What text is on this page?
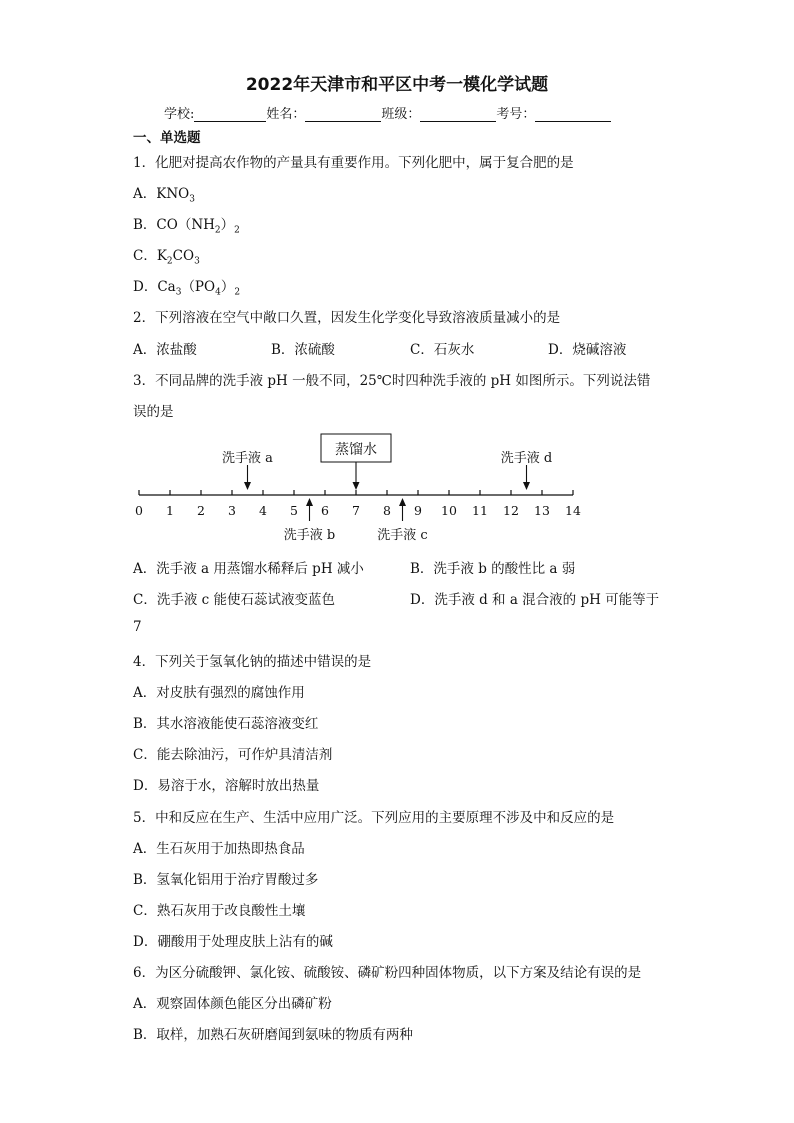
2022年天津市和平区中考一模化学试题
学校:	姓名：	班级：	考号：
一、单选题
1．化肥对提高农作物的产量具有重要作用。下列化肥中，属于复合肥的是
A．$KNO_3$
B．$CO(NH_2)_2$
C．$K_2CO_3$
D．$Ca_3(PO_4)_2$
2．下列溶液在空气中敞口久置，因发生化学变化导致溶液质量减小的是
A．浓盐酸	B．浓硫酸	C．石灰水	D．烧碱溶液
3．不同品牌的洗手液 pH 一般不同，25℃时四种洗手液的 pH 如图所示。下列说法错
误的是
0 1 2 3 4 5 6 7 8 9 10 11 12 13 14
洗手液 a
蒸馏水
洗手液 d
洗手液 b	洗手液 c
A．洗手液 a 用蒸馏水稀释后 pH 减小	B．洗手液 b 的酸性比 a 弱
C．洗手液 c 能使石蕊试液变蓝色	D．洗手液 d 和 a 混合液的 pH 可能等于
7
4．下列关于氢氧化钠的描述中错误的是
A．对皮肤有强烈的腐蚀作用
B．其水溶液能使石蕊溶液变红
C．能去除油污，可作炉具清洁剂
D．易溶于水，溶解时放出热量
5．中和反应在生产、生活中应用广泛。下列应用的主要原理不涉及中和反应的是
A．生石灰用于加热即热食品
B．氢氧化铝用于治疗胃酸过多
C．熟石灰用于改良酸性土壤
D．硼酸用于处理皮肤上沾有的碱
6．为区分硫酸钾、氯化铵、硫酸铵、磷矿粉四种固体物质，以下方案及结论有误的是
A．观察固体颜色能区分出磷矿粉
B．取样，加熟石灰研磨闻到氨味的物质有两种
